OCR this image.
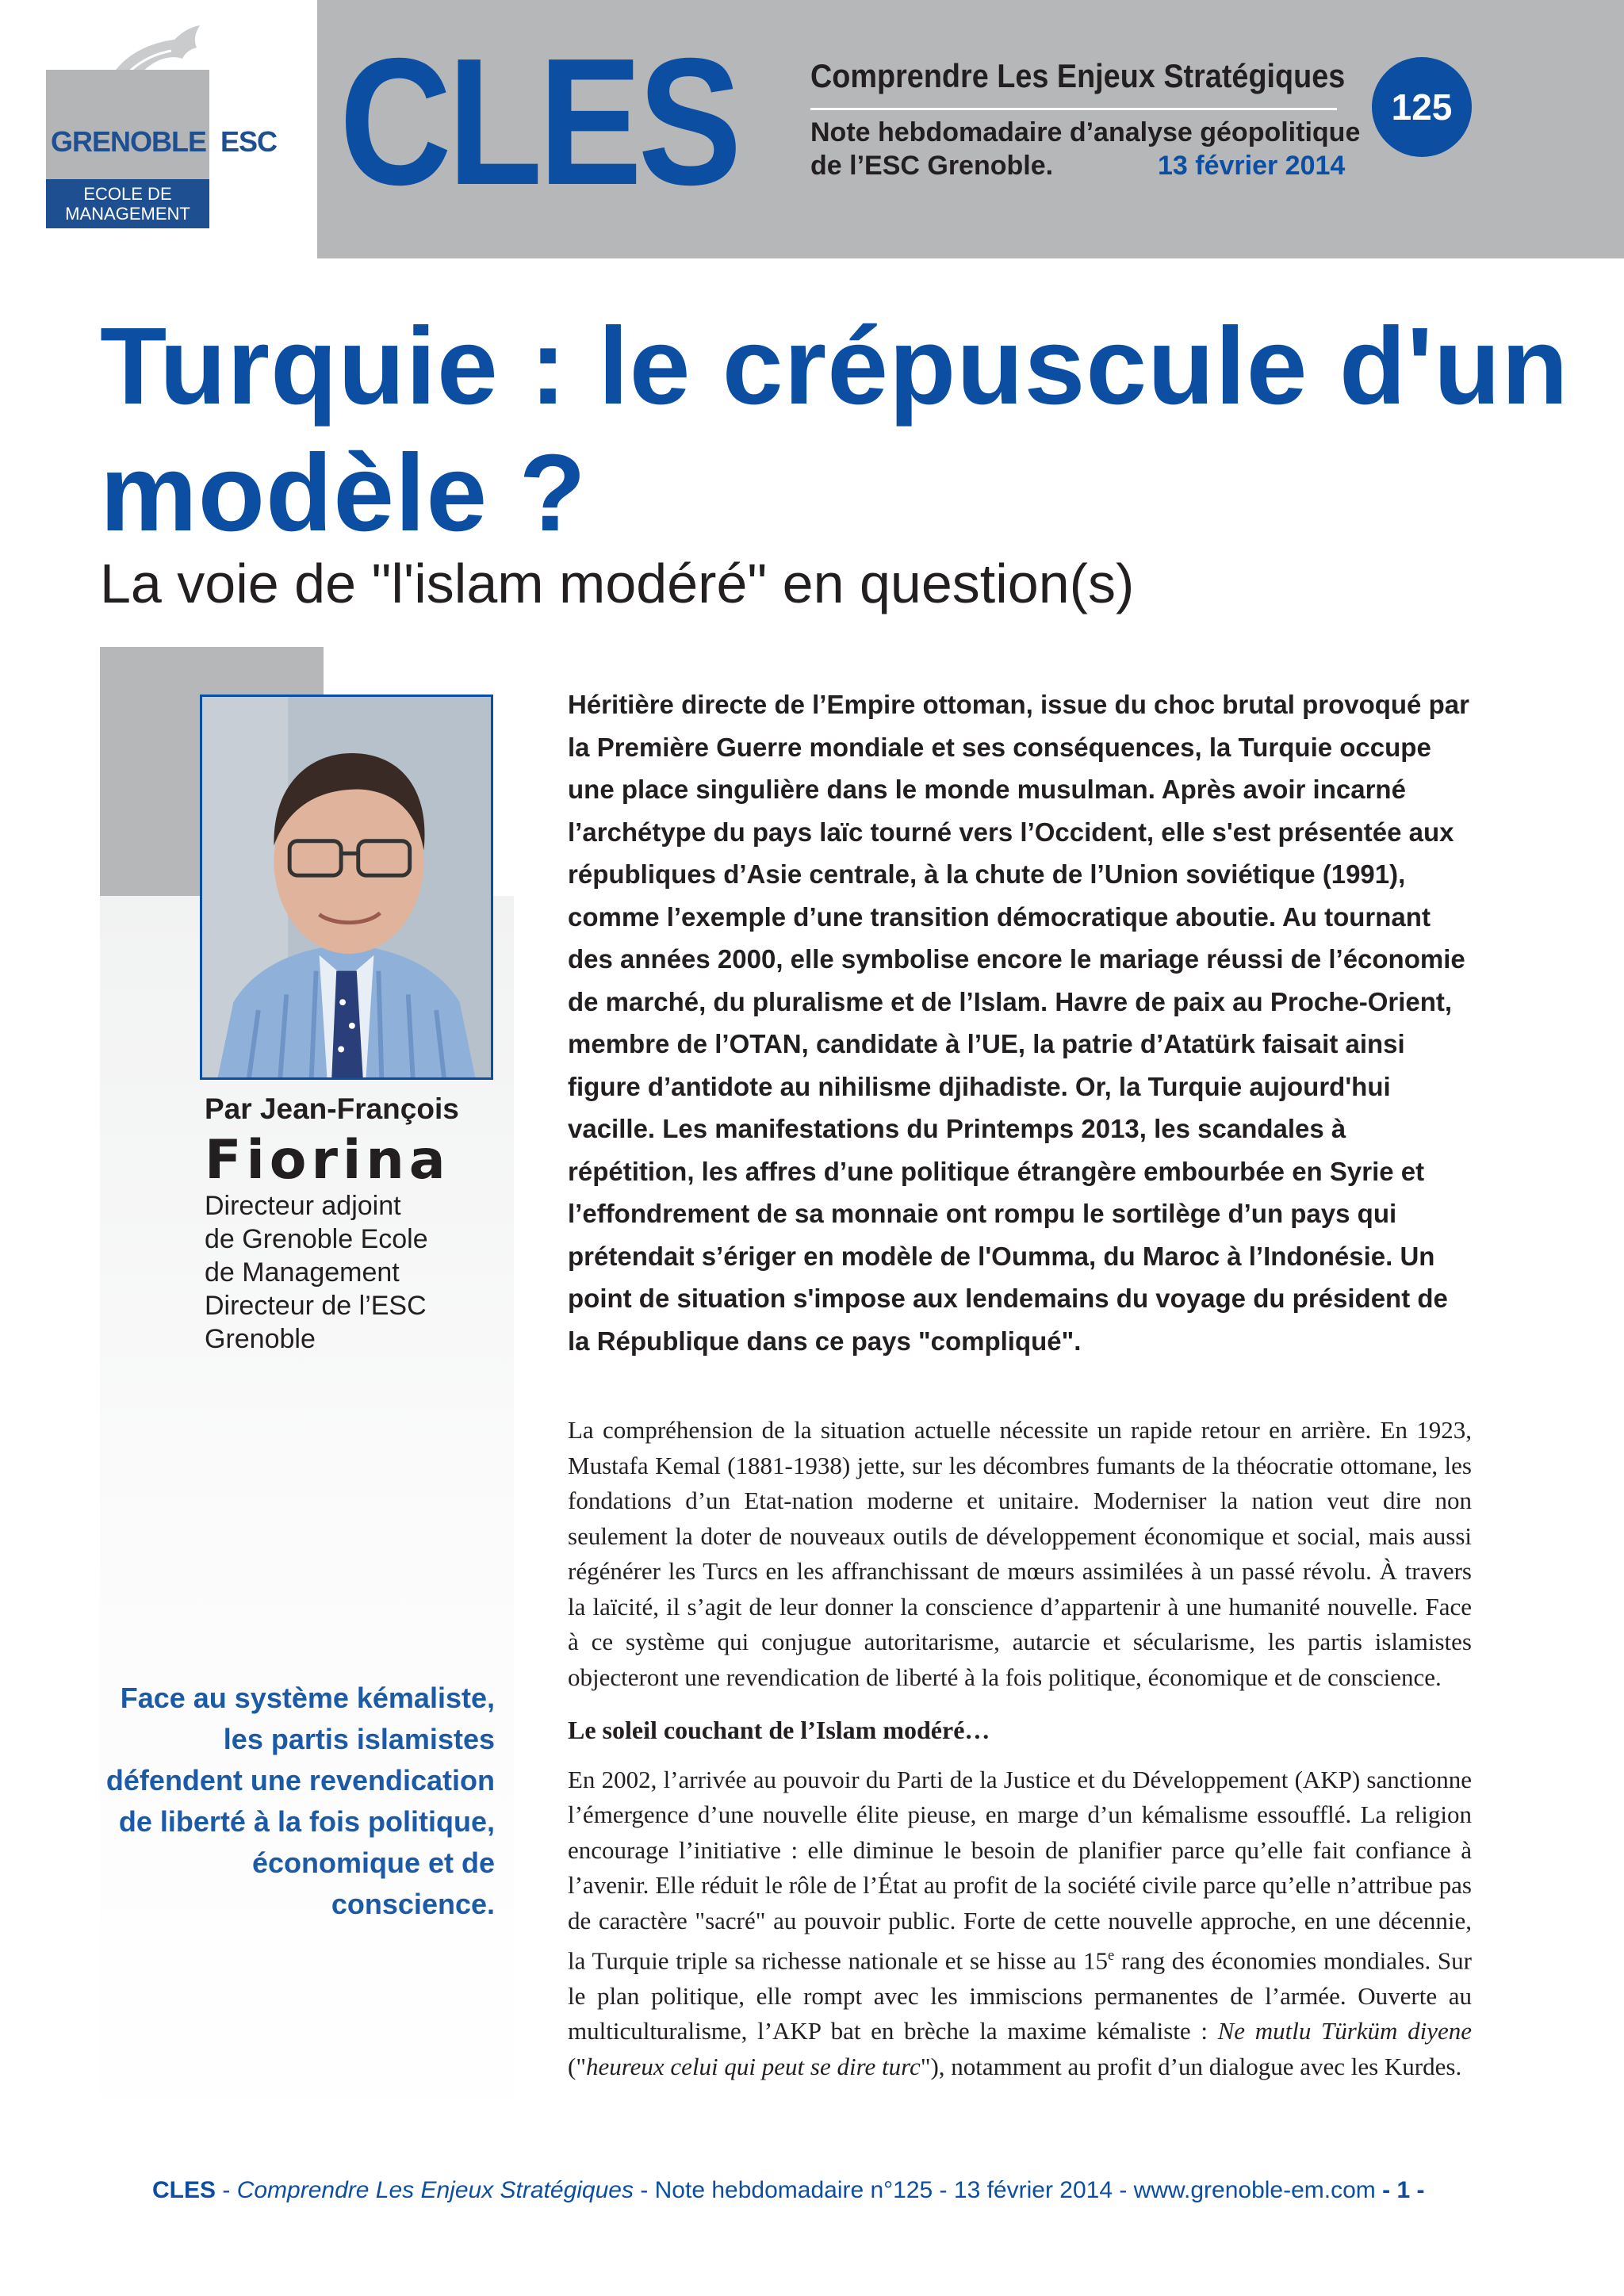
GRENOBLE ESC
ECOLE DE
MANAGEMENT CLES Comprendre Les Enjeux Stratégiques
Note hebdomadaire d’analyse géopolitique
de l’ESC Grenoble.	13 février 2014
125
Turquie : le crépuscule d'un modèle ?
La voie de "l'islam modéré" en question(s)
Par Jean-François
Fiorina
Directeur adjoint
de Grenoble Ecole
de Management
Directeur de l’ESC
Grenoble
Face au système kémaliste, les partis islamistes défendent une revendication de liberté à la fois politique, économique et de conscience.
Héritière directe de l’Empire ottoman, issue du choc brutal provoqué par la Première Guerre mondiale et ses conséquences, la Turquie occupe une place singulière dans le monde musulman. Après avoir incarné l’archétype du pays laïc tourné vers l’Occident, elle s'est présentée aux républiques d’Asie centrale, à la chute de l’Union soviétique (1991), comme l’exemple d’une transition démocratique aboutie. Au tournant des années 2000, elle symbolise encore le mariage réussi de l’économie de marché, du pluralisme et de l’Islam. Havre de paix au Proche-Orient, membre de l’OTAN, candidate à l’UE, la patrie d’Atatürk faisait ainsi figure d’antidote au nihilisme djihadiste. Or, la Turquie aujourd'hui vacille. Les manifestations du Printemps 2013, les scandales à répétition, les affres d’une politique étrangère embourbée en Syrie et l’effondrement de sa monnaie ont rompu le sortilège d’un pays qui prétendait s’ériger en modèle de l'Oumma, du Maroc à l’Indonésie. Un point de situation s'impose aux lendemains du voyage du président de la République dans ce pays "compliqué".

La compréhension de la situation actuelle nécessite un rapide retour en arrière. En 1923, Mustafa Kemal (1881-1938) jette, sur les décombres fumants de la théocratie ottomane, les fondations d’un Etat-nation moderne et unitaire. Moderniser la nation veut dire non seulement la doter de nouveaux outils de développement économique et social, mais aussi régénérer les Turcs en les affranchissant de mœurs assimilées à un passé révolu. À travers la laïcité, il s’agit de leur donner la conscience d’appartenir à une humanité nouvelle. Face à ce système qui conjugue autoritarisme, autarcie et sécularisme, les partis islamistes objecteront une revendication de liberté à la fois politique, économique et de conscience.

Le soleil couchant de l’Islam modéré…

En 2002, l’arrivée au pouvoir du Parti de la Justice et du Développement (AKP) sanctionne l’émergence d’une nouvelle élite pieuse, en marge d’un kémalisme essoufflé. La religion encourage l’initiative : elle diminue le besoin de planifier parce qu’elle fait confiance à l’avenir. Elle réduit le rôle de l’État au profit de la société civile parce qu’elle n’attribue pas de caractère "sacré" au pouvoir public. Forte de cette nouvelle approche, en une décennie, la Turquie triple sa richesse nationale et se hisse au 15e rang des économies mondiales. Sur le plan politique, elle rompt avec les immiscions permanentes de l’armée. Ouverte au multiculturalisme, l’AKP bat en brèche la maxime kémaliste : Ne mutlu Türküm diyene ("heureux celui qui peut se dire turc"), notamment au profit d’un dialogue avec les Kurdes.

CLES - Comprendre Les Enjeux Stratégiques - Note hebdomadaire n°125 - 13 février 2014 - www.grenoble-em.com - 1 -
